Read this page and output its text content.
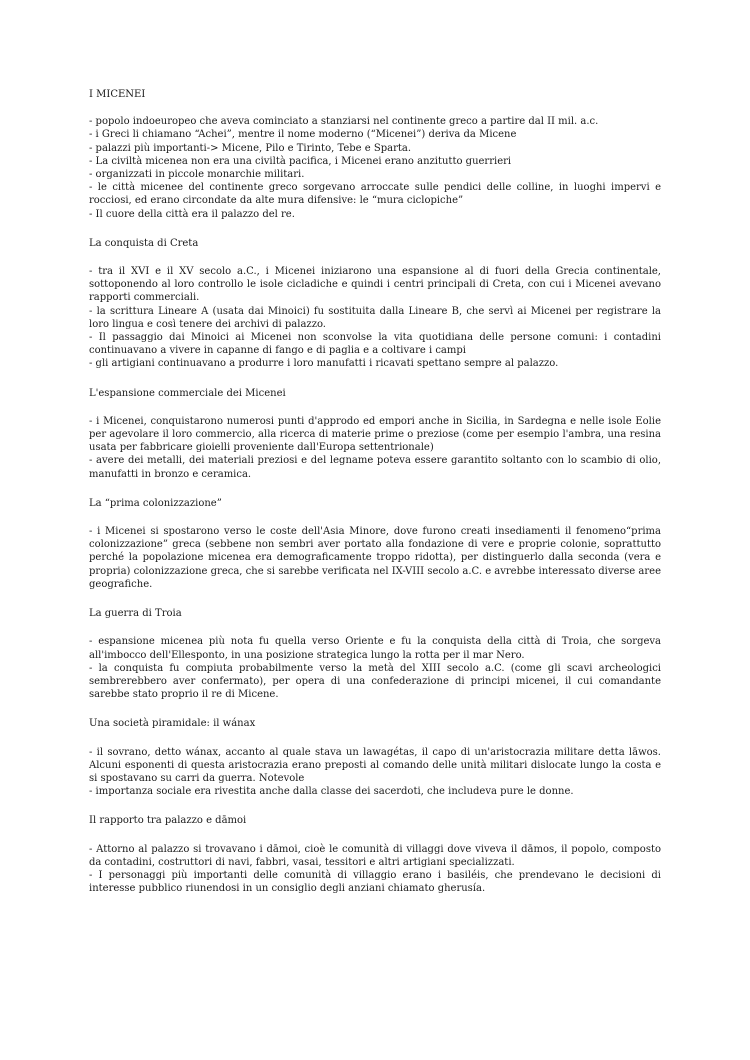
I MICENEI

- popolo indoeuropeo che aveva cominciato a stanziarsi nel continente greco a partire dal II mil. a.c.

- i Greci li chiamano “Achei”, mentre il nome moderno (“Micenei”) deriva da Micene

- palazzi più importanti-> Micene, Pilo e Tirinto, Tebe e Sparta.

- La civiltà micenea non era una civiltà pacifica, i Micenei erano anzitutto guerrieri

- organizzati in piccole monarchie militari.

- le città micenee del continente greco sorgevano arroccate sulle pendici delle colline, in luoghi impervi e rocciosi, ed erano circondate da alte mura difensive: le “mura ciclopiche”

- Il cuore della città era il palazzo del re.

La conquista di Creta

- tra il XVI e il XV secolo a.C., i Micenei iniziarono una espansione al di fuori della Grecia continentale, sottoponendo al loro controllo le isole cicladiche e quindi i centri principali di Creta, con cui i Micenei avevano rapporti commerciali.

- la scrittura Lineare A (usata dai Minoici) fu sostituita dalla Lineare B, che servì ai Micenei per registrare la loro lingua e così tenere dei archivi di palazzo.

- Il passaggio dai Minoici ai Micenei non sconvolse la vita quotidiana delle persone comuni: i contadini continuavano a vivere in capanne di fango e di paglia e a coltivare i campi

- gli artigiani continuavano a produrre i loro manufatti i ricavati spettano sempre al palazzo.

L'espansione commerciale dei Micenei

- i Micenei, conquistarono numerosi punti d'approdo ed empori anche in Sicilia, in Sardegna e nelle isole Eolie per agevolare il loro commercio, alla ricerca di materie prime o preziose (come per esempio l'ambra, una resina usata per fabbricare gioielli proveniente dall'Europa settentrionale)

- avere dei metalli, dei materiali preziosi e del legname poteva essere garantito soltanto con lo scambio di olio, manufatti in bronzo e ceramica.

La “prima colonizzazione”

- i Micenei si spostarono verso le coste dell'Asia Minore, dove furono creati insediamenti il fenomeno“prima colonizzazione” greca (sebbene non sembri aver portato alla fondazione di vere e proprie colonie, soprattutto perché la popolazione micenea era demograficamente troppo ridotta), per distinguerlo dalla seconda (vera e propria) colonizzazione greca, che si sarebbe verificata nel IX-VIII secolo a.C. e avrebbe interessato diverse aree geografiche.

La guerra di Troia

- espansione micenea più nota fu quella verso Oriente e fu la conquista della città di Troia, che sorgeva all'imbocco dell'Ellesponto, in una posizione strategica lungo la rotta per il mar Nero.

- la conquista fu compiuta probabilmente verso la metà del XIII secolo a.C. (come gli scavi archeologici sembrerebbero aver confermato), per opera di una confederazione di principi micenei, il cui comandante sarebbe stato proprio il re di Micene.

Una società piramidale: il wánax

- il sovrano, detto wánax, accanto al quale stava un lawagétas, il capo di un'aristocrazia militare detta lāwos. Alcuni esponenti di questa aristocrazia erano preposti al comando delle unità militari dislocate lungo la costa e si spostavano su carri da guerra. Notevole

- importanza sociale era rivestita anche dalla classe dei sacerdoti, che includeva pure le donne.

Il rapporto tra palazzo e dāmoi

- Attorno al palazzo si trovavano i dāmoi, cioè le comunità di villaggi dove viveva il dāmos, il popolo, composto da contadini, costruttori di navi, fabbri, vasai, tessitori e altri artigiani specializzati.

- I personaggi più importanti delle comunità di villaggio erano i basiléis, che prendevano le decisioni di interesse pubblico riunendosi in un consiglio degli anziani chiamato gherusía.
